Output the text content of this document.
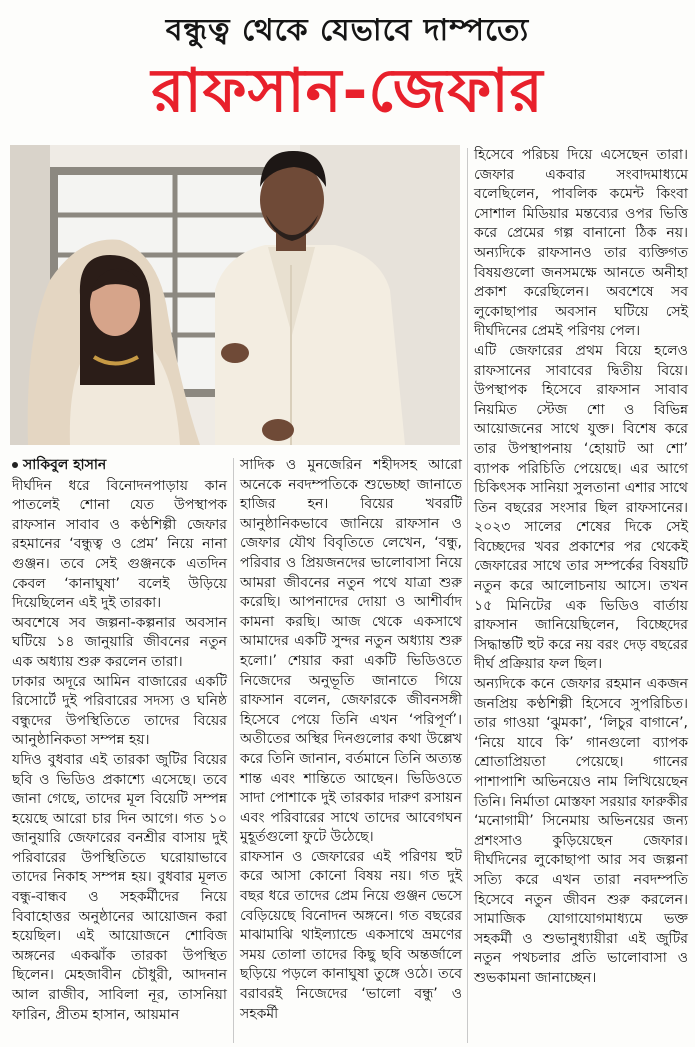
বন্ধুত্ব থেকে যেভাবে দাম্পত্যে
রাফসান-জেফার
সাকিবুল হাসান

দীর্ঘদিন ধরে বিনোদনপাড়ায় কান পাতলেই শোনা যেত উপস্থাপক রাফসান সাবাব ও কণ্ঠশিল্পী জেফার রহমানের ‘বন্ধুত্ব ও প্রেম’ নিয়ে নানা গুঞ্জন। তবে সেই গুঞ্জনকে এতদিন কেবল ‘কানাঘুষা’ বলেই উড়িয়ে দিয়েছিলেন এই দুই তারকা।

অবশেষে সব জল্পনা-কল্পনার অবসান ঘটিয়ে ১৪ জানুয়ারি জীবনের নতুন এক অধ্যায় শুরু করলেন তারা।

ঢাকার অদূরে আমিন বাজারের একটি রিসোর্টে দুই পরিবারের সদস্য ও ঘনিষ্ঠ বন্ধুদের উপস্থিতিতে তাদের বিয়ের আনুষ্ঠানিকতা সম্পন্ন হয়।

যদিও বুধবার এই তারকা জুটির বিয়ের ছবি ও ভিডিও প্রকাশ্যে এসেছে। তবে জানা গেছে, তাদের মূল বিয়েটি সম্পন্ন হয়েছে আরো চার দিন আগে। গত ১০ জানুয়ারি জেফারের বনশ্রীর বাসায় দুই পরিবারের উপস্থিতিতে ঘরোয়াভাবে তাদের নিকাহ সম্পন্ন হয়। বুধবার মূলত বন্ধু-বান্ধব ও সহকর্মীদের নিয়ে বিবাহোত্তর অনুষ্ঠানের আয়োজন করা হয়েছিল। এই আয়োজনে শোবিজ অঙ্গনের একঝাঁক তারকা উপস্থিত ছিলেন। মেহজাবীন চৌধুরী, আদনান আল রাজীব, সাবিলা নূর, তাসনিয়া ফারিন, প্রীতম হাসান, আয়মান

সাদিক ও মুনজেরিন শহীদসহ আরো অনেকে নবদম্পতিকে শুভেচ্ছা জানাতে হাজির হন। বিয়ের খবরটি আনুষ্ঠানিকভাবে জানিয়ে রাফসান ও জেফার যৌথ বিবৃতিতে লেখেন, ‘বন্ধু, পরিবার ও প্রিয়জনদের ভালোবাসা নিয়ে আমরা জীবনের নতুন পথে যাত্রা শুরু করেছি। আপনাদের দোয়া ও আশীর্বাদ কামনা করছি। আজ থেকে একসাথে আমাদের একটি সুন্দর নতুন অধ্যায় শুরু হলো।’ শেয়ার করা একটি ভিডিওতে নিজেদের অনুভূতি জানাতে গিয়ে রাফসান বলেন, জেফারকে জীবনসঙ্গী হিসেবে পেয়ে তিনি এখন ‘পরিপূর্ণ’। অতীতের অস্থির দিনগুলোর কথা উল্লেখ করে তিনি জানান, বর্তমানে তিনি অত্যন্ত শান্ত এবং শান্তিতে আছেন। ভিডিওতে সাদা পোশাকে দুই তারকার দারুণ রসায়ন এবং পরিবারের সাথে তাদের আবেগঘন মুহূর্তগুলো ফুটে উঠেছে।

রাফসান ও জেফারের এই পরিণয় হুট করে আসা কোনো বিষয় নয়। গত দুই বছর ধরে তাদের প্রেম নিয়ে গুঞ্জন ভেসে বেড়িয়েছে বিনোদন অঙ্গনে। গত বছরের মাঝামাঝি থাইল্যান্ডে একসাথে ভ্রমণের সময় তোলা তাদের কিছু ছবি অন্তর্জালে ছড়িয়ে পড়লে কানাঘুষা তুঙ্গে ওঠে। তবে বরাবরই নিজেদের ‘ভালো বন্ধু’ ও সহকর্মী

হিসেবে পরিচয় দিয়ে এসেছেন তারা। জেফার একবার সংবাদমাধ্যমে বলেছিলেন, পাবলিক কমেন্ট কিংবা সোশাল মিডিয়ার মন্তব্যের ওপর ভিত্তি করে প্রেমের গল্প বানানো ঠিক নয়। অন্যদিকে রাফসানও তার ব্যক্তিগত বিষয়গুলো জনসমক্ষে আনতে অনীহা প্রকাশ করেছিলেন। অবশেষে সব লুকোছাপার অবসান ঘটিয়ে সেই দীর্ঘদিনের প্রেমই পরিণয় পেল।

এটি জেফারের প্রথম বিয়ে হলেও রাফসানের সাবাবের দ্বিতীয় বিয়ে। উপস্থাপক হিসেবে রাফসান সাবাব নিয়মিত স্টেজ শো ও বিভিন্ন আয়োজনের সাথে যুক্ত। বিশেষ করে তার উপস্থাপনায় ‘হোয়াট আ শো’ ব্যাপক পরিচিতি পেয়েছে। এর আগে চিকিৎসক সানিয়া সুলতানা এশার সাথে তিন বছরের সংসার ছিল রাফসানের। ২০২৩ সালের শেষের দিকে সেই বিচ্ছেদের খবর প্রকাশের পর থেকেই জেফারের সাথে তার সম্পর্কের বিষয়টি নতুন করে আলোচনায় আসে। তখন ১৫ মিনিটের এক ভিডিও বার্তায় রাফসান জানিয়েছিলেন, বিচ্ছেদের সিদ্ধান্তটি হুট করে নয় বরং দেড় বছরের দীর্ঘ প্রক্রিয়ার ফল ছিল।

অন্যদিকে কনে জেফার রহমান একজন জনপ্রিয় কণ্ঠশিল্পী হিসেবে সুপরিচিত। তার গাওয়া ‘ঝুমকা’, ‘লিচুর বাগানে’, ‘নিয়ে যাবে কি’ গানগুলো ব্যাপক শ্রোতাপ্রিয়তা পেয়েছে। গানের পাশাপাশি অভিনয়েও নাম লিখিয়েছেন তিনি। নির্মাতা মোস্তফা সরয়ার ফারুকীর ‘মনোগামী’ সিনেমায় অভিনয়ের জন্য প্রশংসাও কুড়িয়েছেন জেফার। দীর্ঘদিনের লুকোছাপা আর সব জল্পনা সত্যি করে এখন তারা নবদম্পতি হিসেবে নতুন জীবন শুরু করলেন। সামাজিক যোগাযোগমাধ্যমে ভক্ত সহকর্মী ও শুভানুধ্যায়ীরা এই জুটির নতুন পথচলার প্রতি ভালোবাসা ও শুভকামনা জানাচ্ছেন।
